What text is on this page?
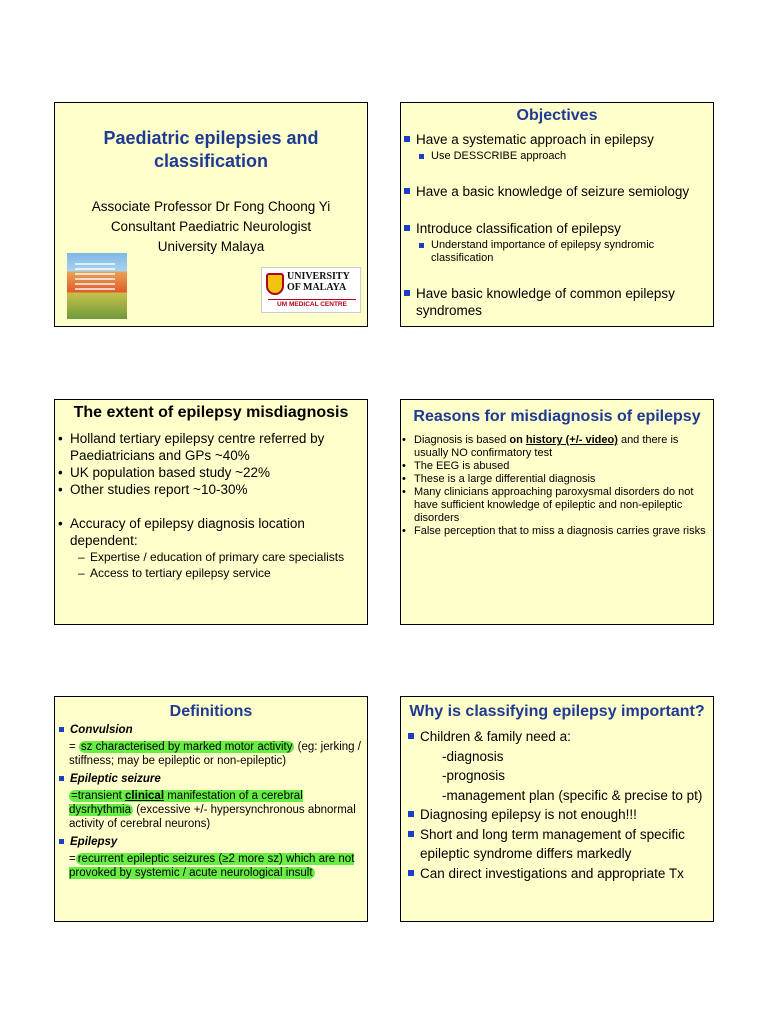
Paediatric epilepsies and classification
Associate Professor Dr Fong Choong Yi
Consultant Paediatric Neurologist
University Malaya
UNIVERSITY
OF MALAYA
UM MEDICAL CENTRE
Objectives
Have a systematic approach in epilepsy
Use DESSCRIBE approach
Have a basic knowledge of seizure semiology
Introduce classification of epilepsy
Understand importance of epilepsy syndromic classification
Have basic knowledge of common epilepsy syndromes
The extent of epilepsy misdiagnosis
• Holland tertiary epilepsy centre referred by Paediatricians and GPs ~40%
• UK population based study ~22%
• Other studies report ~10-30%
• Accuracy of epilepsy diagnosis location dependent:
– Expertise / education of primary care specialists
– Access to tertiary epilepsy service
Reasons for misdiagnosis of epilepsy
• Diagnosis is based on history (+/- video) and there is usually NO confirmatory test
• The EEG is abused
• These is a large differential diagnosis
• Many clinicians approaching paroxysmal disorders do not have sufficient knowledge of epileptic and non-epileptic disorders
• False perception that to miss a diagnosis carries grave risks
Definitions
Convulsion
= sz characterised by marked motor activity (eg: jerking / stiffness; may be epileptic or non-epileptic)
Epileptic seizure
=transient clinical manifestation of a cerebral dysrhythmia (excessive +/- hypersynchronous abnormal activity of cerebral neurons)
Epilepsy
= recurrent epileptic seizures (≥2 more sz) which are not provoked by systemic / acute neurological insult
Why is classifying epilepsy important?
Children & family need a:
-diagnosis
-prognosis
-management plan (specific & precise to pt)
Diagnosing epilepsy is not enough!!!
Short and long term management of specific epileptic syndrome differs markedly
Can direct investigations and appropriate Tx
